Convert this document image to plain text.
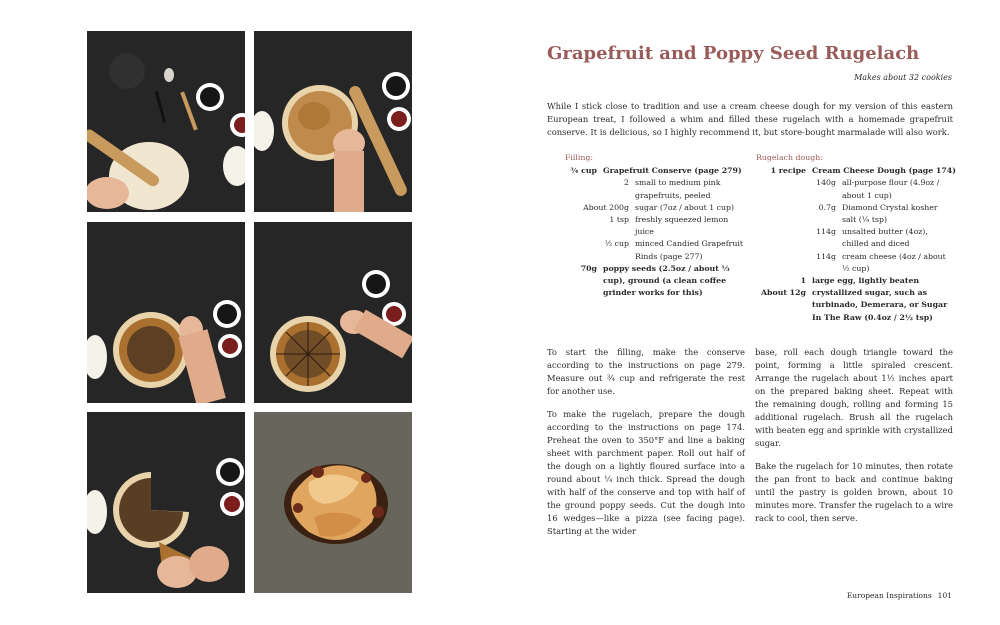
Grapefruit and Poppy Seed Rugelach
Makes about 32 cookies
While I stick close to tradition and use a cream cheese dough for my version of this eastern European treat, I followed a whim and filled these rugelach with a homemade grapefruit conserve. It is delicious, so I highly recommend it, but store-bought marmalade will also work.
Filling:
¾ cup Grapefruit Conserve (page 279)
2 small to medium pink grapefruits, peeled
About 200g sugar (7oz / about 1 cup)
1 tsp freshly squeezed lemon juice
½ cup minced Candied Grapefruit Rinds (page 277)
70g poppy seeds (2.5oz / about ⅓ cup), ground (a clean coffee grinder works for this)
Rugelach dough:
1 recipe Cream Cheese Dough (page 174)
140g all-purpose flour (4.9oz / about 1 cup)
0.7g Diamond Crystal kosher salt (¼ tsp)
114g unsalted butter (4oz), chilled and diced
114g cream cheese (4oz / about ½ cup)
1 large egg, lightly beaten
About 12g crystallized sugar, such as turbinado, Demerara, or Sugar In The Raw (0.4oz / 2½ tsp)

To start the filling, make the conserve according to the instructions on page 279. Measure out ¾ cup and refrigerate the rest for another use.

To make the rugelach, prepare the dough according to the instructions on page 174. Preheat the oven to 350°F and line a baking sheet with parchment paper. Roll out half of the dough on a lightly floured surface into a round about ¼ inch thick. Spread the dough with half of the conserve and top with half of the ground poppy seeds. Cut the dough into 16 wedges—like a pizza (see facing page). Starting at the wider

base, roll each dough triangle toward the point, forming a little spiraled crescent. Arrange the rugelach about 1½ inches apart on the prepared baking sheet. Repeat with the remaining dough, rolling and forming 15 additional rugelach. Brush all the rugelach with beaten egg and sprinkle with crystallized sugar.

Bake the rugelach for 10 minutes, then rotate the pan front to back and continue baking until the pastry is golden brown, about 10 minutes more. Transfer the rugelach to a wire rack to cool, then serve.

European Inspirations 101
